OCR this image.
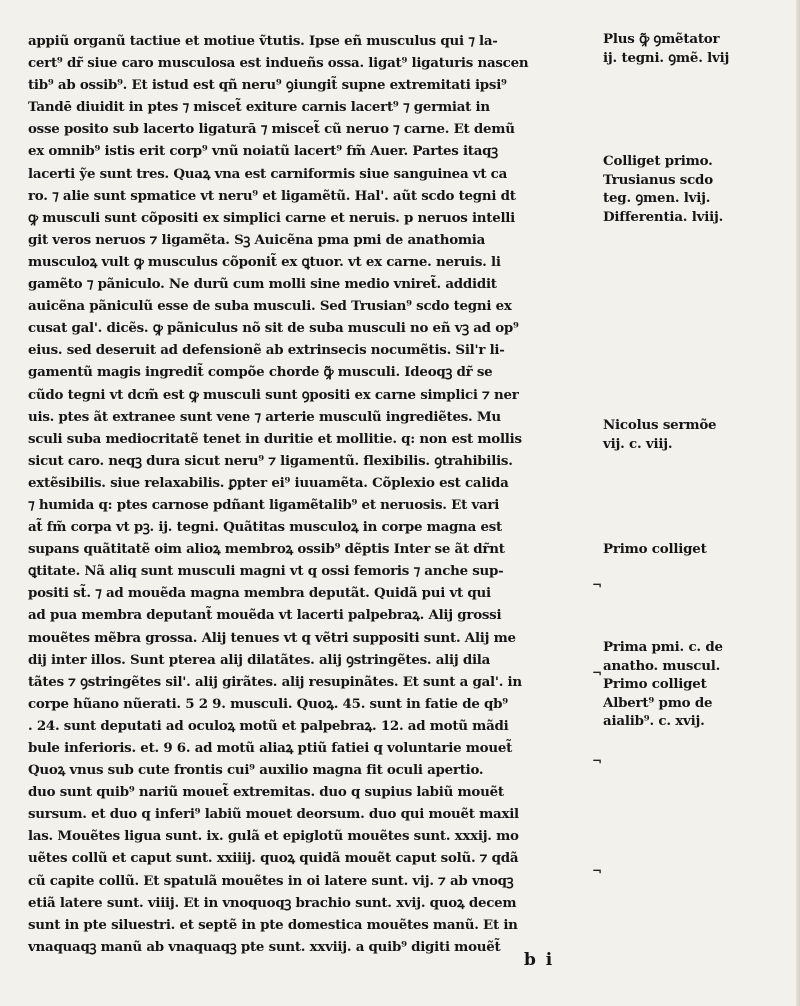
appiũ organũ tactiue et motiue ṽtutis. Ipse eñ musculus qui ⁊ la-
cert⁹ dr̃ siue caro musculosa est indueñs ossa. ligat⁹ ligaturis nascen
tib⁹ ab ossib⁹. Et istud est qñ neru⁹ ꝯiungit̃ supne extremitati ipsi⁹
Tandē diuidit in ptes ⁊ miscet̃ exiture carnis lacert⁹ ⁊ germiat in
osse posito sub lacerto ligaturā ⁊ miscet̃ cũ neruo ⁊ carne. Et demũ
ex omnib⁹ istis erit corp⁹ vnũ noiatũ lacert⁹ fm̃ Auer. Partes itaqꝫ
lacerti ỹe sunt tres. Quaꝝ vna est carniformis siue sanguinea vt ca
ro. ⁊ alie sunt spmatice vt neru⁹ et ligamẽtũ. Hal'. aũt scdo tegni dt
ꝙ musculi sunt cõpositi ex simplici carne et neruis. p neruos intelli
git veros neruos ⁊ ligamẽta. Sꝫ Auicẽna pma pmi de anathomia
musculoꝝ vult ꝙ musculus cõponit̃ ex ꝗtuor. vt ex carne. neruis. li
gamẽto ⁊ pãniculo. Ne durũ cum molli sine medio vniret̃. addidit
auicẽna pãniculũ esse de suba musculi. Sed Trusian⁹ scdo tegni ex
cusat gal'. dicẽs. ꝙ pãniculus nõ sit de suba musculi no eñ vꝫ ad op⁹
eius. sed deseruit ad defensionẽ ab extrinsecis nocumẽtis. Sil'r li-
gamentũ magis ingredit̃ compõe chorde ꝙ̃ musculi. Ideoqꝫ dr̃ se
cũdo tegni vt dcm̃ est ꝙ musculi sunt ꝯpositi ex carne simplici ⁊ ner
uis. ptes ãt extranee sunt vene ⁊ arterie musculũ ingrediẽtes. Mu
sculi suba mediocritatẽ tenet in duritie et mollitie. q: non est mollis
sicut caro. neqꝫ dura sicut neru⁹ ⁊ ligamentũ. flexibilis. ꝯtrahibilis.
extẽsibilis. siue relaxabilis. ꝑpter ei⁹ iuuamẽta. Cõplexio est calida
⁊ humida q: ptes carnose pdñant ligamẽtalib⁹ et neruosis. Et vari
at̃ fm̃ corpa vt pꝫ. ij. tegni. Quãtitas musculoꝝ in corpe magna est
supans quãtitatẽ oim alioꝝ membroꝝ ossib⁹ dẽptis Inter se ãt dr̃nt
ꝗtitate. Nã aliq sunt musculi magni vt q ossi femoris ⁊ anche sup-
positi st̃. ⁊ ad mouẽda magna membra deputãt. Quidã pui vt qui
ad pua membra deputant̃ mouẽda vt lacerti palpebraꝝ. Alij grossi
mouẽtes mẽbra grossa. Alij tenues vt q vẽtri suppositi sunt. Alij me
dij inter illos. Sunt pterea alij dilatãtes. alij ꝯstringẽtes. alij dila
tãtes ⁊ ꝯstringẽtes sil'. alij girãtes. alij resupinãtes. Et sunt a gal'. in
corpe hũano nũerati. 5 2 9. musculi. Quoꝝ. 45. sunt in fatie de qb⁹
. 24. sunt deputati ad oculoꝝ motũ et palpebraꝝ. 12. ad motũ mãdi
bule inferioris. et. 9 6. ad motũ aliaꝝ ptiũ fatiei q voluntarie mouet̃
Quoꝝ vnus sub cute frontis cui⁹ auxilio magna fit oculi apertio.
duo sunt quib⁹ nariũ mouet̃ extremitas. duo q supius labiũ mouẽt
sursum. et duo q inferi⁹ labiũ mouet deorsum. duo qui mouẽt maxil
las. Mouẽtes ligua sunt. ix. gulã et epiglotũ mouẽtes sunt. xxxij. mo
uẽtes collũ et caput sunt. xxiiij. quoꝝ quidã mouẽt caput solũ. ⁊ qdã
cũ capite collũ. Et spatulã mouẽtes in oi latere sunt. vij. ⁊ ab vnoqꝫ
etiã latere sunt. viiij. Et in vnoquoqꝫ brachio sunt. xvij. quoꝝ decem
sunt in pte siluestri. et septẽ in pte domestica mouẽtes manũ. Et in
vnaquaqꝫ manũ ab vnaquaqꝫ pte sunt. xxviij. a quib⁹ digiti mouẽt̃
¬
¬
¬
¬
Plus ꝙ̃ ꝯmẽtator
ij. tegni. ꝯmẽ. lvij
Colliget primo.
Trusianus scdo
teg. ꝯmen. lvij.
Differentia. lviij.
Nicolus sermõe
vij. c. viij.
Primo colliget
Prima pmi. c. de
anatho. muscul.
Primo colliget
Albert⁹ pmo de
aialib⁹. c. xvij.
b i
